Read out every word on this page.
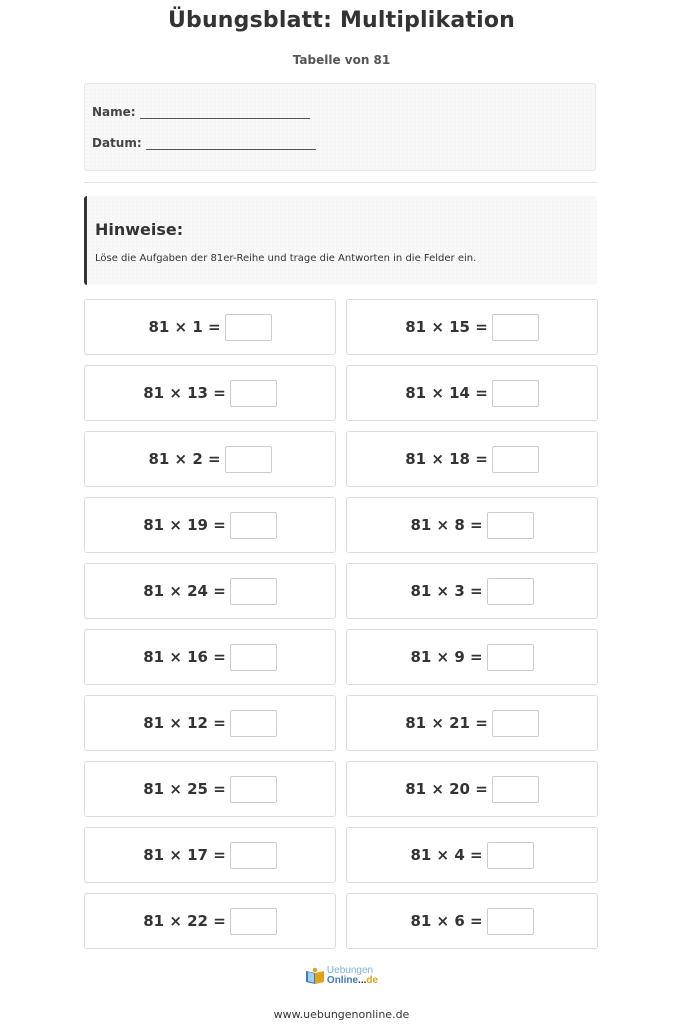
Übungsblatt: Multiplikation
Tabelle von 81
Name:
Datum:
Hinweise:
Löse die Aufgaben der 81er-Reihe und trage die Antworten in die Felder ein.
81 × 1 =	81 × 15 =
81 × 13 =	81 × 14 =
81 × 2 =	81 × 18 =
81 × 19 =	81 × 8 =
81 × 24 =	81 × 3 =
81 × 16 =	81 × 9 =
81 × 12 =	81 × 21 =
81 × 25 =	81 × 20 =
81 × 17 =	81 × 4 =
81 × 22 =	81 × 6 =
Uebungen
Online...de
www.uebungenonline.de
